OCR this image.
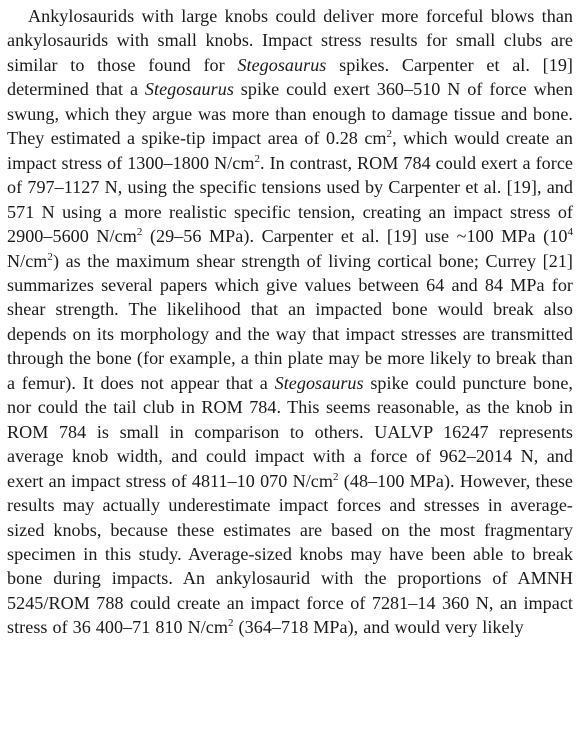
Ankylosaurids with large knobs could deliver more forceful blows than ankylosaurids with small knobs. Impact stress results for small clubs are similar to those found for Stegosaurus spikes. Carpenter et al. [19] determined that a Stegosaurus spike could exert 360–510 N of force when swung, which they argue was more than enough to damage tissue and bone. They estimated a spike-tip impact area of 0.28 $cm^2$, which would create an impact stress of 1300–1800 $N/cm^2$. In contrast, ROM 784 could exert a force of 797–1127 N, using the specific tensions used by Carpenter et al. [19], and 571 N using a more realistic specific tension, creating an impact stress of 2900–5600 $N/cm^2$ (29–56 MPa). Carpenter et al. [19] use ~100 MPa ($10^4$ $N/cm^2$) as the maximum shear strength of living cortical bone; Currey [21] summarizes several papers which give values between 64 and 84 MPa for shear strength. The likelihood that an impacted bone would break also depends on its morphology and the way that impact stresses are transmitted through the bone (for example, a thin plate may be more likely to break than a femur). It does not appear that a Stegosaurus spike could puncture bone, nor could the tail club in ROM 784. This seems reasonable, as the knob in ROM 784 is small in comparison to others. UALVP 16247 represents average knob width, and could impact with a force of 962–2014 N, and exert an impact stress of 4811–10 070 $N/cm^2$ (48–100 MPa). However, these results may actually underestimate impact forces and stresses in average-sized knobs, because these estimates are based on the most fragmentary specimen in this study. Average-sized knobs may have been able to break bone during impacts. An ankylosaurid with the proportions of AMNH 5245/ROM 788 could create an impact force of 7281–14 360 N, an impact stress of 36 400–71 810 $N/cm^2$ (364–718 MPa), and would very likely
